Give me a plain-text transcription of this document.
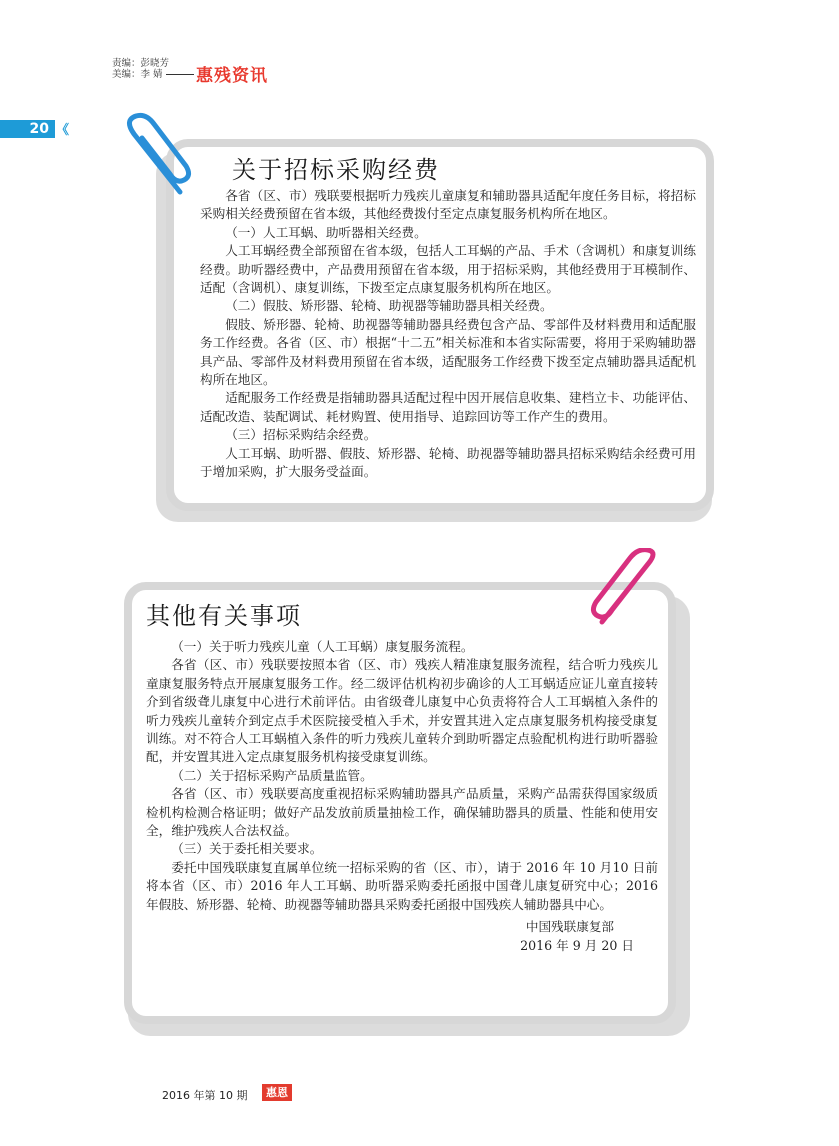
责编：彭晓芳
美编：李 婧	惠残资讯
20 《
关于招标采购经费

各省（区、市）残联要根据听力残疾儿童康复和辅助器具适配年度任务目标，将招标采购相关经费预留在省本级，其他经费拨付至定点康复服务机构所在地区。

（一）人工耳蜗、助听器相关经费。

人工耳蜗经费全部预留在省本级，包括人工耳蜗的产品、手术（含调机）和康复训练经费。助听器经费中，产品费用预留在省本级，用于招标采购，其他经费用于耳模制作、适配（含调机）、康复训练，下拨至定点康复服务机构所在地区。

（二）假肢、矫形器、轮椅、助视器等辅助器具相关经费。

假肢、矫形器、轮椅、助视器等辅助器具经费包含产品、零部件及材料费用和适配服务工作经费。各省（区、市）根据“十二五”相关标准和本省实际需要，将用于采购辅助器具产品、零部件及材料费用预留在省本级，适配服务工作经费下拨至定点辅助器具适配机构所在地区。

适配服务工作经费是指辅助器具适配过程中因开展信息收集、建档立卡、功能评估、适配改造、装配调试、耗材购置、使用指导、追踪回访等工作产生的费用。

（三）招标采购结余经费。

人工耳蜗、助听器、假肢、矫形器、轮椅、助视器等辅助器具招标采购结余经费可用于增加采购，扩大服务受益面。

其他有关事项

（一）关于听力残疾儿童（人工耳蜗）康复服务流程。

各省（区、市）残联要按照本省（区、市）残疾人精准康复服务流程，结合听力残疾儿童康复服务特点开展康复服务工作。经二级评估机构初步确诊的人工耳蜗适应证儿童直接转介到省级聋儿康复中心进行术前评估。由省级聋儿康复中心负责将符合人工耳蜗植入条件的听力残疾儿童转介到定点手术医院接受植入手术，并安置其进入定点康复服务机构接受康复训练。对不符合人工耳蜗植入条件的听力残疾儿童转介到助听器定点验配机构进行助听器验配，并安置其进入定点康复服务机构接受康复训练。

（二）关于招标采购产品质量监管。

各省（区、市）残联要高度重视招标采购辅助器具产品质量，采购产品需获得国家级质检机构检测合格证明；做好产品发放前质量抽检工作，确保辅助器具的质量、性能和使用安全，维护残疾人合法权益。

（三）关于委托相关要求。

委托中国残联康复直属单位统一招标采购的省（区、市），请于 2016 年 10 月10 日前将本省（区、市）2016 年人工耳蜗、助听器采购委托函报中国聋儿康复研究中心；2016 年假肢、矫形器、轮椅、助视器等辅助器具采购委托函报中国残疾人辅助器具中心。

中国残联康复部

2016 年 9 月 20 日

2016 年第 10 期	惠恩
